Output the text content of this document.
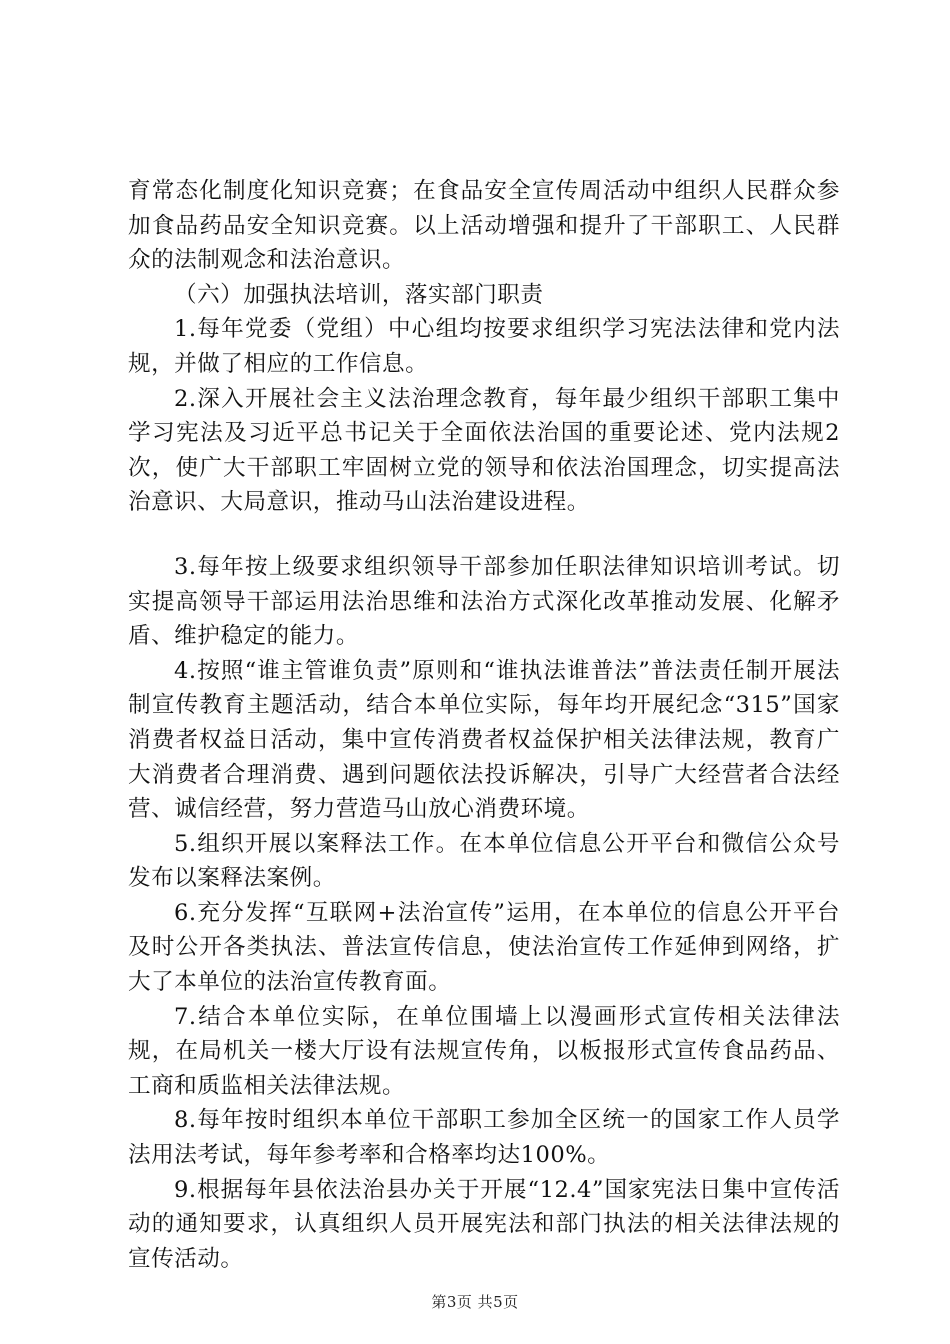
育常态化制度化知识竞赛；在食品安全宣传周活动中组织人民群众参加食品药品安全知识竞赛。以上活动增强和提升了干部职工、人民群众的法制观念和法治意识。

（六）加强执法培训，落实部门职责

1.每年党委（党组）中心组均按要求组织学习宪法法律和党内法规，并做了相应的工作信息。

2.深入开展社会主义法治理念教育，每年最少组织干部职工集中学习宪法及习近平总书记关于全面依法治国的重要论述、党内法规2次，使广大干部职工牢固树立党的领导和依法治国理念，切实提高法治意识、大局意识，推动马山法治建设进程。

3.每年按上级要求组织领导干部参加任职法律知识培训考试。切实提高领导干部运用法治思维和法治方式深化改革推动发展、化解矛盾、维护稳定的能力。

4.按照“谁主管谁负责”原则和“谁执法谁普法”普法责任制开展法制宣传教育主题活动，结合本单位实际，每年均开展纪念“315”国家消费者权益日活动，集中宣传消费者权益保护相关法律法规，教育广大消费者合理消费、遇到问题依法投诉解决，引导广大经营者合法经营、诚信经营，努力营造马山放心消费环境。

5.组织开展以案释法工作。在本单位信息公开平台和微信公众号发布以案释法案例。

6.充分发挥“互联网+法治宣传”运用，在本单位的信息公开平台及时公开各类执法、普法宣传信息，使法治宣传工作延伸到网络，扩大了本单位的法治宣传教育面。

7.结合本单位实际，在单位围墙上以漫画形式宣传相关法律法规，在局机关一楼大厅设有法规宣传角，以板报形式宣传食品药品、工商和质监相关法律法规。

8.每年按时组织本单位干部职工参加全区统一的国家工作人员学法用法考试，每年参考率和合格率均达100%。

9.根据每年县依法治县办关于开展“12.4”国家宪法日集中宣传活动的通知要求，认真组织人员开展宪法和部门执法的相关法律法规的宣传活动。

第3页 共5页
